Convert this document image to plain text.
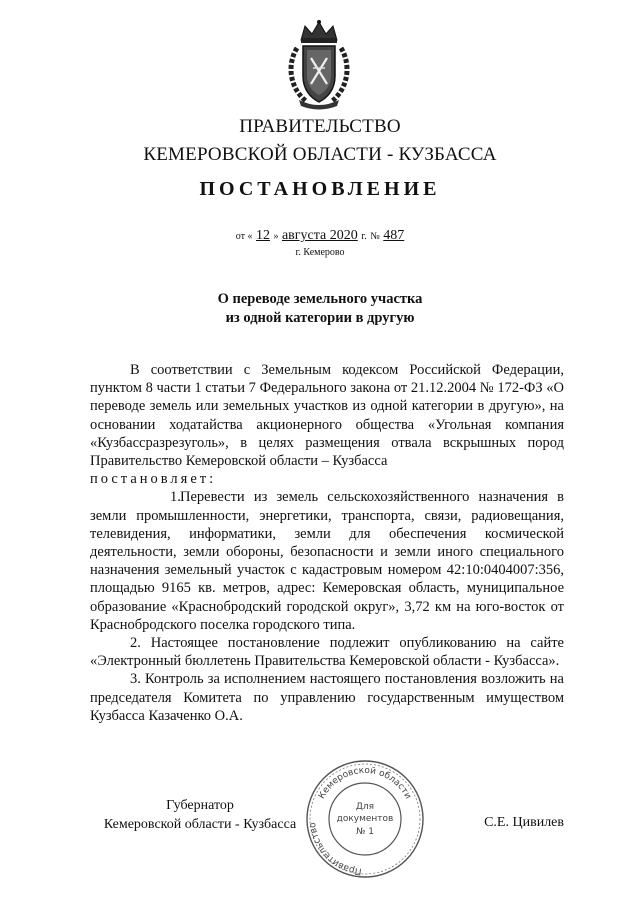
ПРАВИТЕЛЬСТВО
КЕМЕРОВСКОЙ ОБЛАСТИ - КУЗБАССА
ПОСТАНОВЛЕНИЕ
от « 12 » августа 2020 г. № 487
г. Кемерово
О переводе земельного участка
из одной категории в другую

В соответствии с Земельным кодексом Российской Федерации, пунктом 8 части 1 статьи 7 Федерального закона от 21.12.2004 № 172-ФЗ «О переводе земель или земельных участков из одной категории в другую», на основании ходатайства акционерного общества «Угольная компания «Кузбассразрезуголь», в целях размещения отвала вскрышных пород Правительство Кемеровской области – Кузбасса

постановляет:

1.Перевести из земель сельскохозяйственного назначения в земли промышленности, энергетики, транспорта, связи, радиовещания, телевидения, информатики, земли для обеспечения космической деятельности, земли обороны, безопасности и земли иного специального назначения земельный участок с кадастровым номером 42:10:0404007:356, площадью 9165 кв. метров, адрес: Кемеровская область, муниципальное образование «Краснобродский городской округ», 3,72 км на юго-восток от Краснобродского поселка городского типа.

2. Настоящее постановление подлежит опубликованию на сайте «Электронный бюллетень Правительства Кемеровской области - Кузбасса».

3. Контроль за исполнением настоящего постановления возложить на председателя Комитета по управлению государственным имуществом Кузбасса Казаченко О.А.

Губернатор
Кемеровской области - Кузбасса
Кемеровской области
Правительство
Для
документов
№ 1
С.Е. Цивилев
